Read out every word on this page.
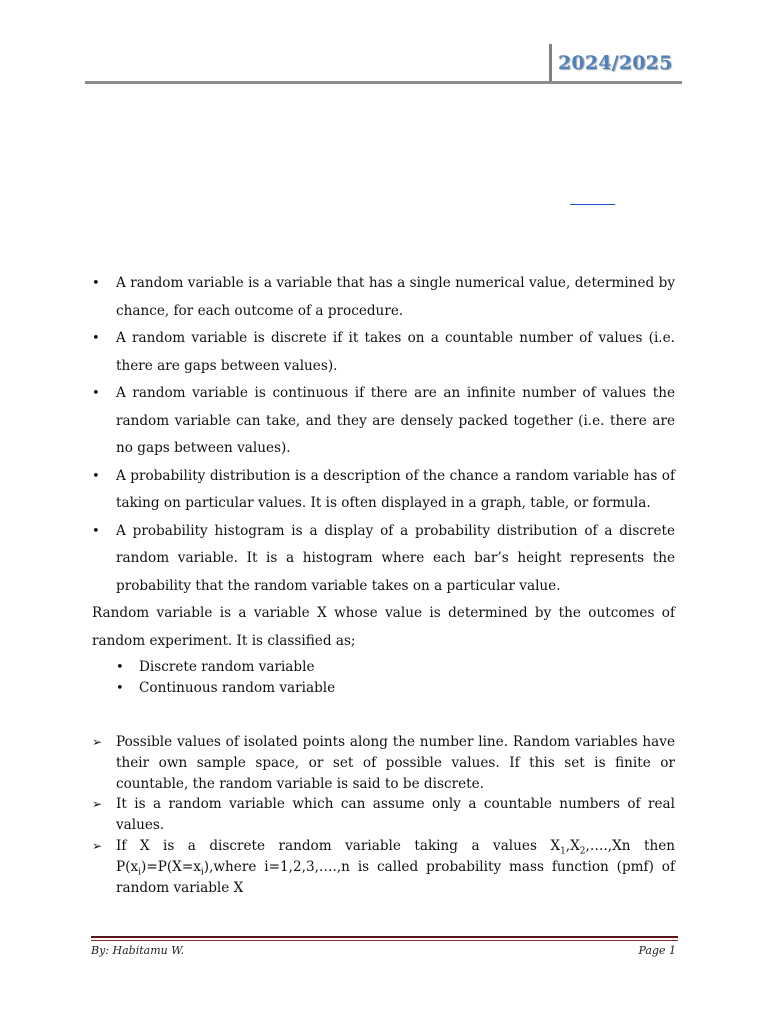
2024/2025
• A random variable is a variable that has a single numerical value, determined by chance, for each outcome of a procedure.
• A random variable is discrete if it takes on a countable number of values (i.e. there are gaps between values).
• A random variable is continuous if there are an infinite number of values the random variable can take, and they are densely packed together (i.e. there are no gaps between values).
• A probability distribution is a description of the chance a random variable has of taking on particular values. It is often displayed in a graph, table, or formula.
• A probability histogram is a display of a probability distribution of a discrete random variable. It is a histogram where each bar’s height represents the probability that the random variable takes on a particular value.

Random variable is a variable X whose value is determined by the outcomes of random experiment. It is classified as;

• Discrete random variable
• Continuous random variable
➢ Possible values of isolated points along the number line. Random variables have their own sample space, or set of possible values. If this set is finite or countable, the random variable is said to be discrete.
➢ It is a random variable which can assume only a countable numbers of real values.
➢ If X is a discrete random variable taking a values $X_1,X_2,\dots.,Xn$ then $P(x_i)=P(X=x_i),where$ i=1,2,3,….,n is called probability mass function (pmf) of random variable X
By: Habitamu W.	Page 1
